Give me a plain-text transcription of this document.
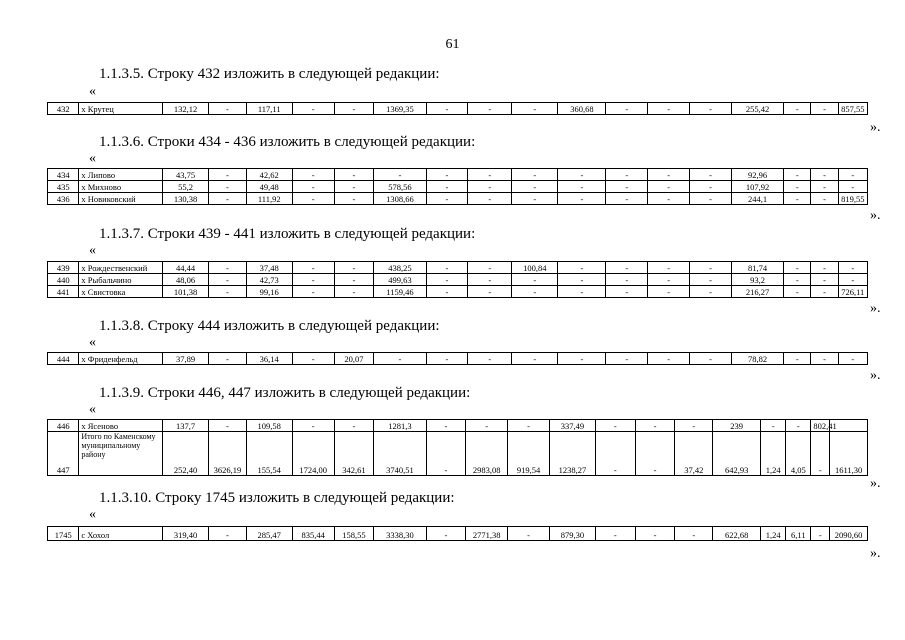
61
1.1.3.5. Строку 432 изложить в следующей редакции:
«
432	х Крутец	132,12	-	117,11	-	-	1369,35	-	-	-	360,68	-	-	-	255,42	-	-	857,55
».
1.1.3.6. Строки 434 - 436 изложить в следующей редакции:
«
434	х Липово	43,75	-	42,62	-	-	-	-	-	-	-	-	-	-	92,96	-	-	-
435	х Михново	55,2	-	49,48	-	-	578,56	-	-	-	-	-	-	-	107,92	-	-	-
436	х Новиковский	130,38	-	111,92	-	-	1308,66	-	-	-	-	-	-	-	244,1	-	-	819,55
».
1.1.3.7. Строки 439 - 441 изложить в следующей редакции:
«
439	х Рождественский	44,44	-	37,48	-	-	438,25	-	-	100,84	-	-	-	-	81,74	-	-	-
440	х Рыбальчино	48,06	-	42,73	-	-	499,63	-	-	-	-	-	-	-	93,2	-	-	-
441	х Свистовка	101,38	-	99,16	-	-	1159,46	-	-	-	-	-	-	-	216,27	-	-	726,11
».
1.1.3.8. Строку 444 изложить в следующей редакции:
«
444	х Фриденфельд	37,89	-	36,14	-	20,07	-	-	-	-	-	-	-	-	78,82	-	-	-
».
1.1.3.9. Строки 446, 447 изложить в следующей редакции:
«
446	х Ясеново	137,7	-	109,58	-	-	1281,3	-	-	-	337,49	-	-	-	239	-	-	802,41	
447	Итого по Каменскому муниципальному району	252,40	3626,19	155,54	1724,00	342,61	3740,51	-	2983,08	919,54	1238,27	-	-	37,42	642,93	1,24	4,05	-	1611,30
».
1.1.3.10. Строку 1745 изложить в следующей редакции:
«
1745	с Хохол	319,40	-	285,47	835,44	158,55	3338,30	-	2771,38	-	879,30	-	-	-	622,68	1,24	6,11	-	2090,60
».
